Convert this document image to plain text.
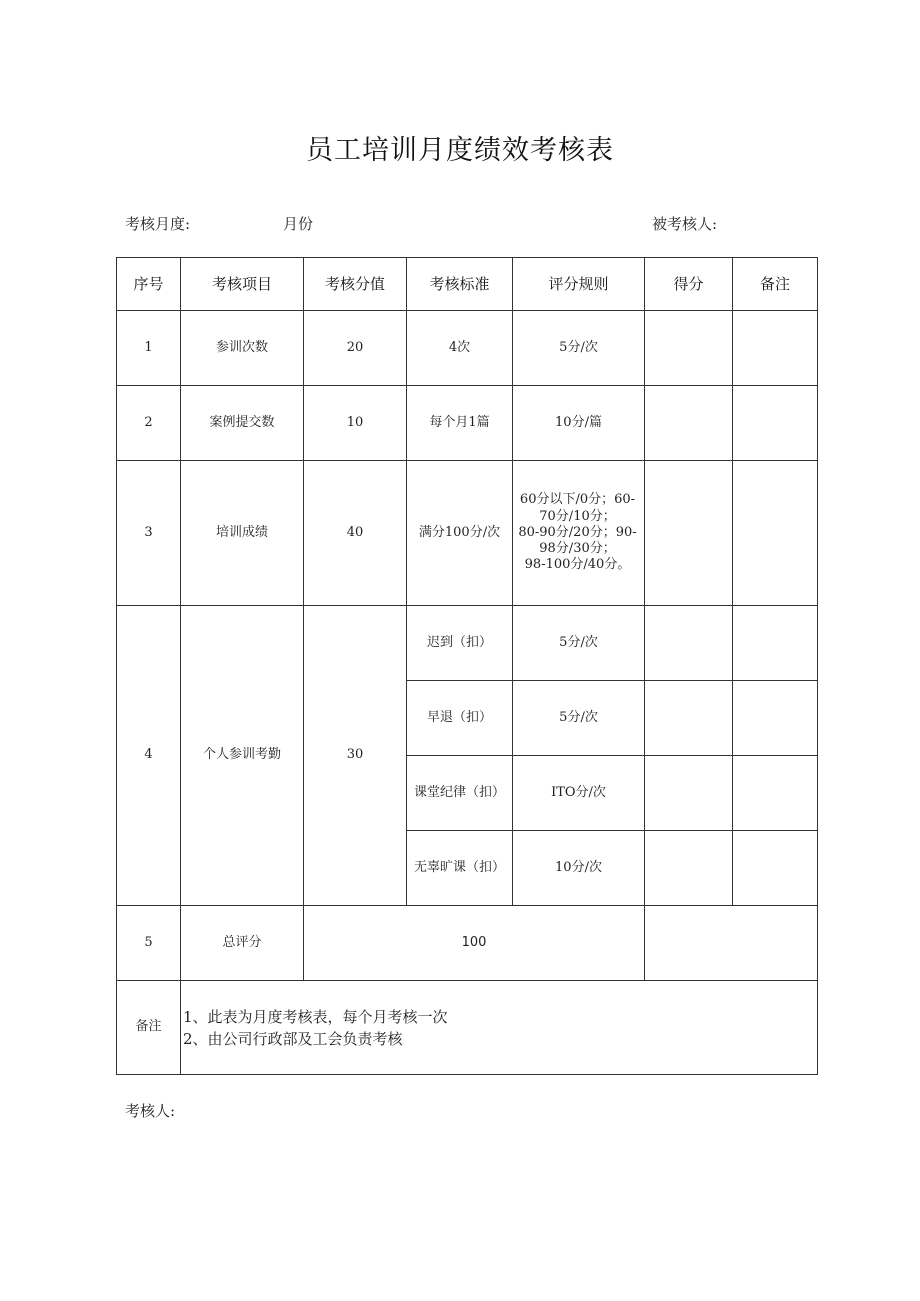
员工培训月度绩效考核表
考核月度:	月份	被考核人:
序号	考核项目	考核分值	考核标准	评分规则	得分	备注
1	参训次数	20	4次	5分/次		
2	案例提交数	10	每个月1篇	10分/篇		
3	培训成绩	40	满分100分/次	60分以下/0分；60-
70分/10分；
80-90分/20分；90-
98分/30分；
98-100分/40分。		

4	个人参训考勤	30	迟到（扣）	5分/次		
			早退（扣）	5分/次		
			课堂纪律（扣）	ITO分/次		
			无辜旷课（扣）	10分/次		
5	总评分	100				
备注	1、此表为月度考核表，每个月考核一次
2、由公司行政部及工会负责考核					
考核人:
